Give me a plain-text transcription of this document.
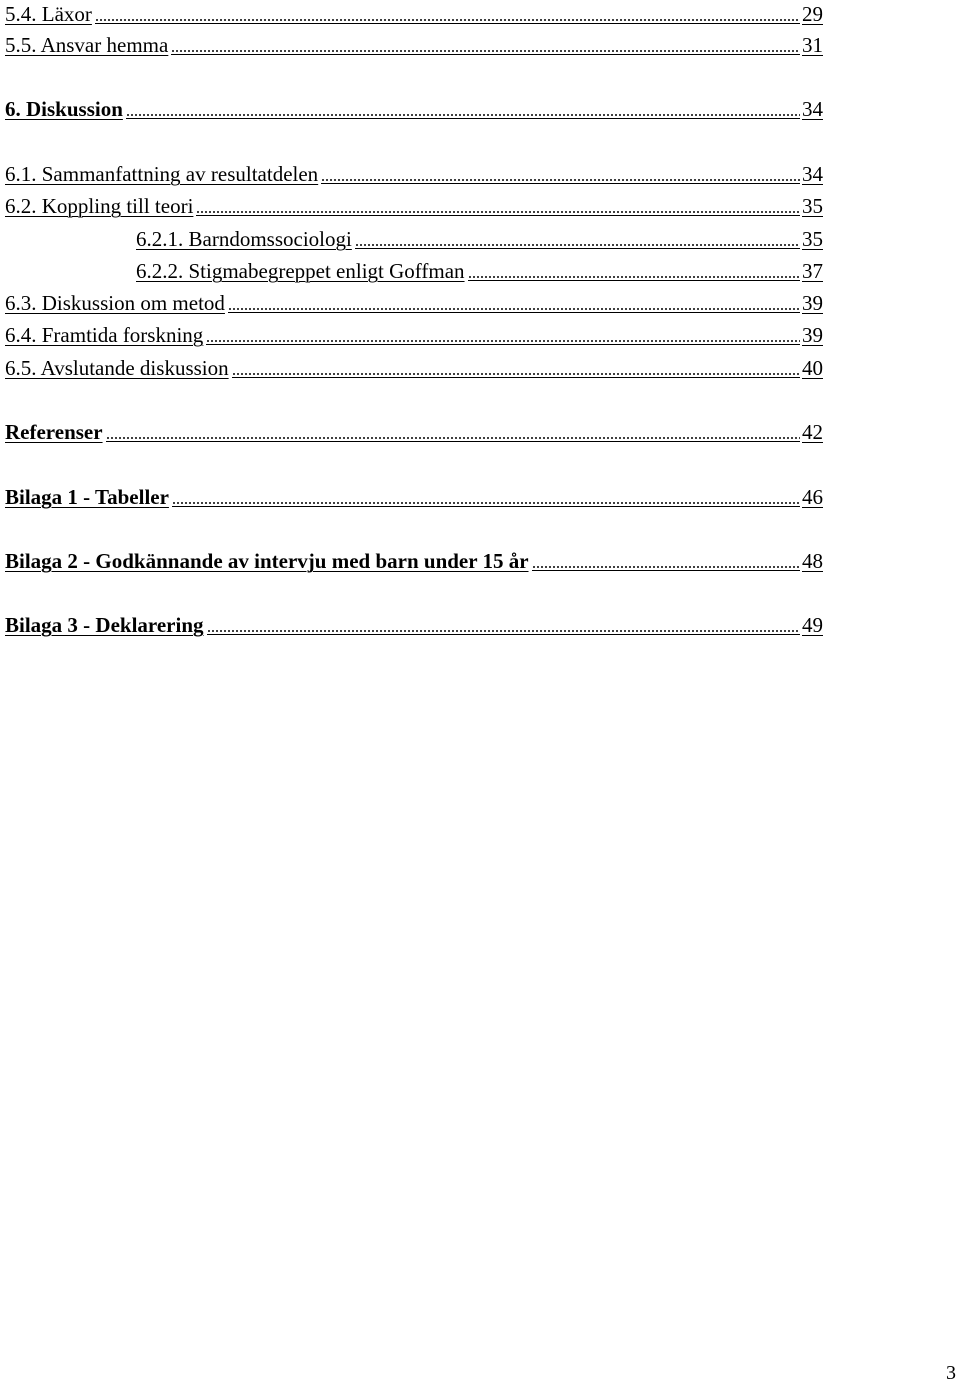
5.4. Läxor	29
5.5. Ansvar hemma	31
6. Diskussion	34
6.1. Sammanfattning av resultatdelen	34
6.2. Koppling till teori	35
6.2.1. Barndomssociologi	35
6.2.2. Stigmabegreppet enligt Goffman	37
6.3. Diskussion om metod	39
6.4. Framtida forskning	39
6.5. Avslutande diskussion	40
Referenser	42
Bilaga 1 - Tabeller	46
Bilaga 2 - Godkännande av intervju med barn under 15 år	48
Bilaga 3 - Deklarering	49
3
